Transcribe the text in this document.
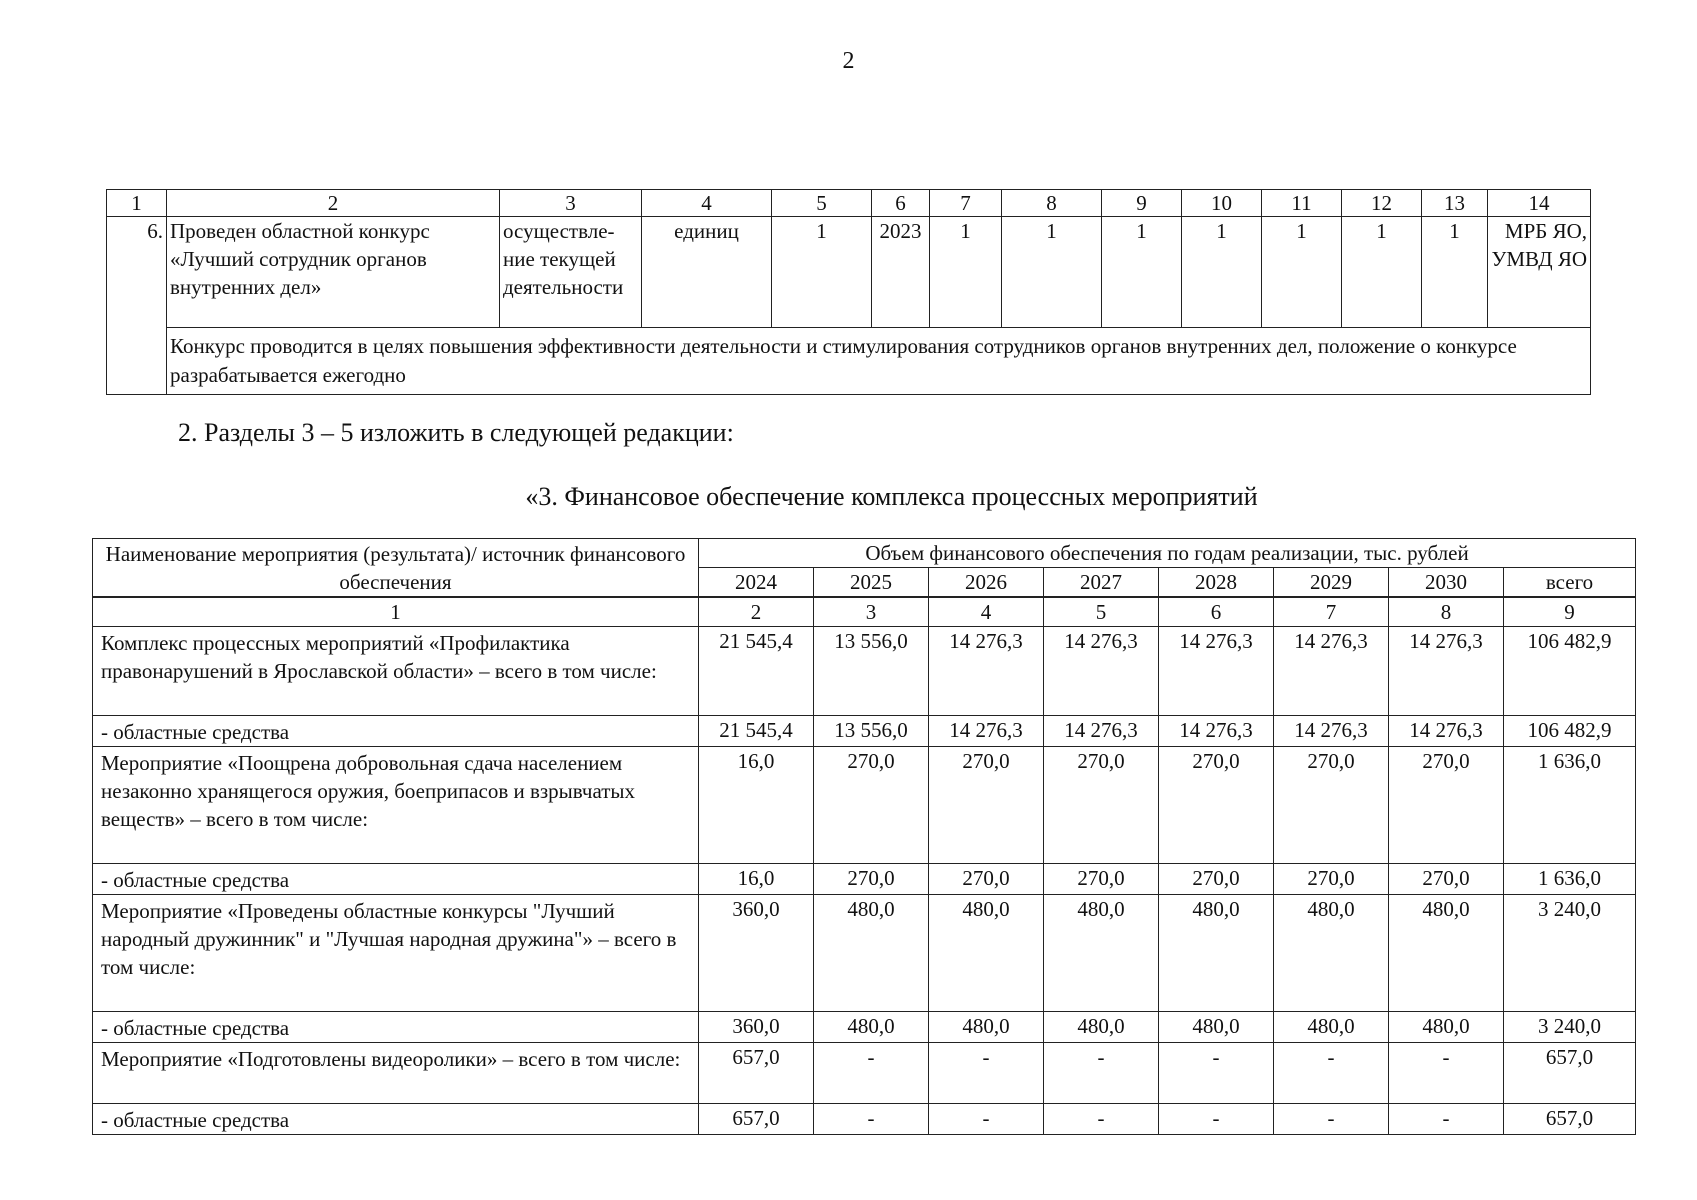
2
1	2	3	4	5	6	7	8	9	10	11	12	13	14
6.	Проведен областной конкурс «Лучший сотрудник органов внутренних дел»	осуществле-ние текущей деятельности	единиц	1	2023	1	1	1	1	1	1	1	МРБ ЯО, УМВД ЯО
	Конкурс проводится в целях повышения эффективности деятельности и стимулирования сотрудников органов внутренних дел, положение о конкурсе разрабатывается ежегодно												
2. Разделы 3 – 5 изложить в следующей редакции:
«3. Финансовое обеспечение комплекса процессных мероприятий
Наименование мероприятия (результата)/ источник финансового обеспечения	Объем финансового обеспечения по годам реализации, тыс. рублей							
	2024	2025	2026	2027	2028	2029	2030	всего
1	2	3	4	5	6	7	8	9
Комплекс процессных мероприятий «Профилактика правонарушений в Ярославской области» – всего в том числе:	21 545,4	13 556,0	14 276,3	14 276,3	14 276,3	14 276,3	14 276,3	106 482,9
- областные средства	21 545,4	13 556,0	14 276,3	14 276,3	14 276,3	14 276,3	14 276,3	106 482,9
Мероприятие «Поощрена добровольная сдача населением незаконно хранящегося оружия, боеприпасов и взрывчатых веществ» – всего в том числе:	16,0	270,0	270,0	270,0	270,0	270,0	270,0	1 636,0
- областные средства	16,0	270,0	270,0	270,0	270,0	270,0	270,0	1 636,0
Мероприятие «Проведены областные конкурсы "Лучший народный дружинник" и "Лучшая народная дружина"» – всего в том числе:	360,0	480,0	480,0	480,0	480,0	480,0	480,0	3 240,0
- областные средства	360,0	480,0	480,0	480,0	480,0	480,0	480,0	3 240,0
Мероприятие «Подготовлены видеоролики» – всего в том числе:	657,0	-	-	-	-	-	-	657,0
- областные средства	657,0	-	-	-	-	-	-	657,0
